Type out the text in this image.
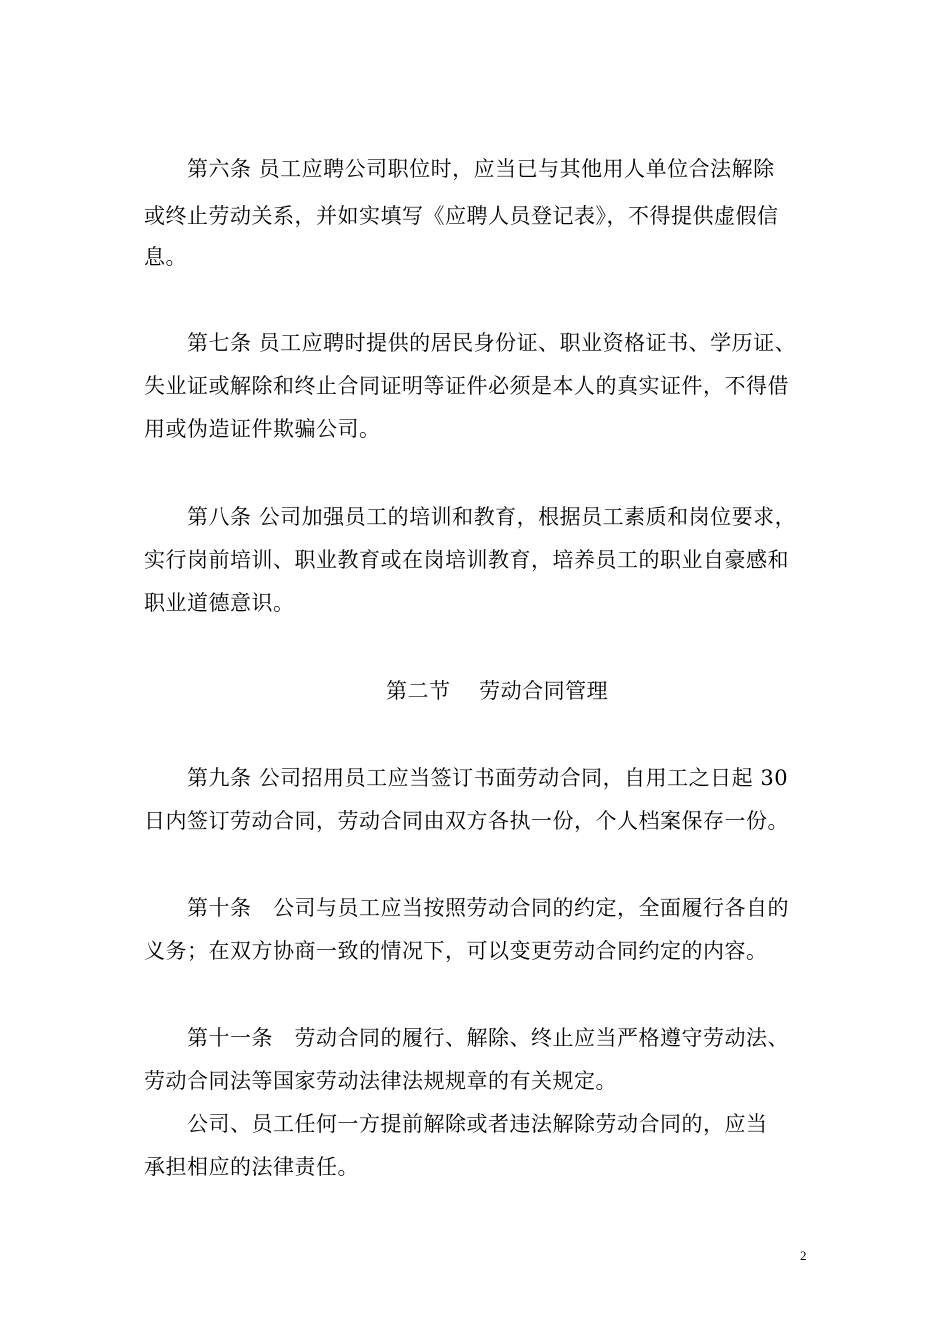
　　第六条 员工应聘公司职位时，应当已与其他用人单位合法解除
或终止劳动关系，并如实填写《应聘人员登记表》，不得提供虚假信
息。
　　第七条 员工应聘时提供的居民身份证、职业资格证书、学历证、
失业证或解除和终止合同证明等证件必须是本人的真实证件，不得借
用或伪造证件欺骗公司。
　　第八条 公司加强员工的培训和教育，根据员工素质和岗位要求，
实行岗前培训、职业教育或在岗培训教育，培养员工的职业自豪感和
职业道德意识。
第二节　 劳动合同管理
　　第九条 公司招用员工应当签订书面劳动合同，自用工之日起 30
日内签订劳动合同，劳动合同由双方各执一份，个人档案保存一份。
　　第十条　公司与员工应当按照劳动合同的约定，全面履行各自的
义务；在双方协商一致的情况下，可以变更劳动合同约定的内容。
　　第十一条　劳动合同的履行、解除、终止应当严格遵守劳动法、
劳动合同法等国家劳动法律法规规章的有关规定。
　　公司、员工任何一方提前解除或者违法解除劳动合同的，应当
承担相应的法律责任。
2
